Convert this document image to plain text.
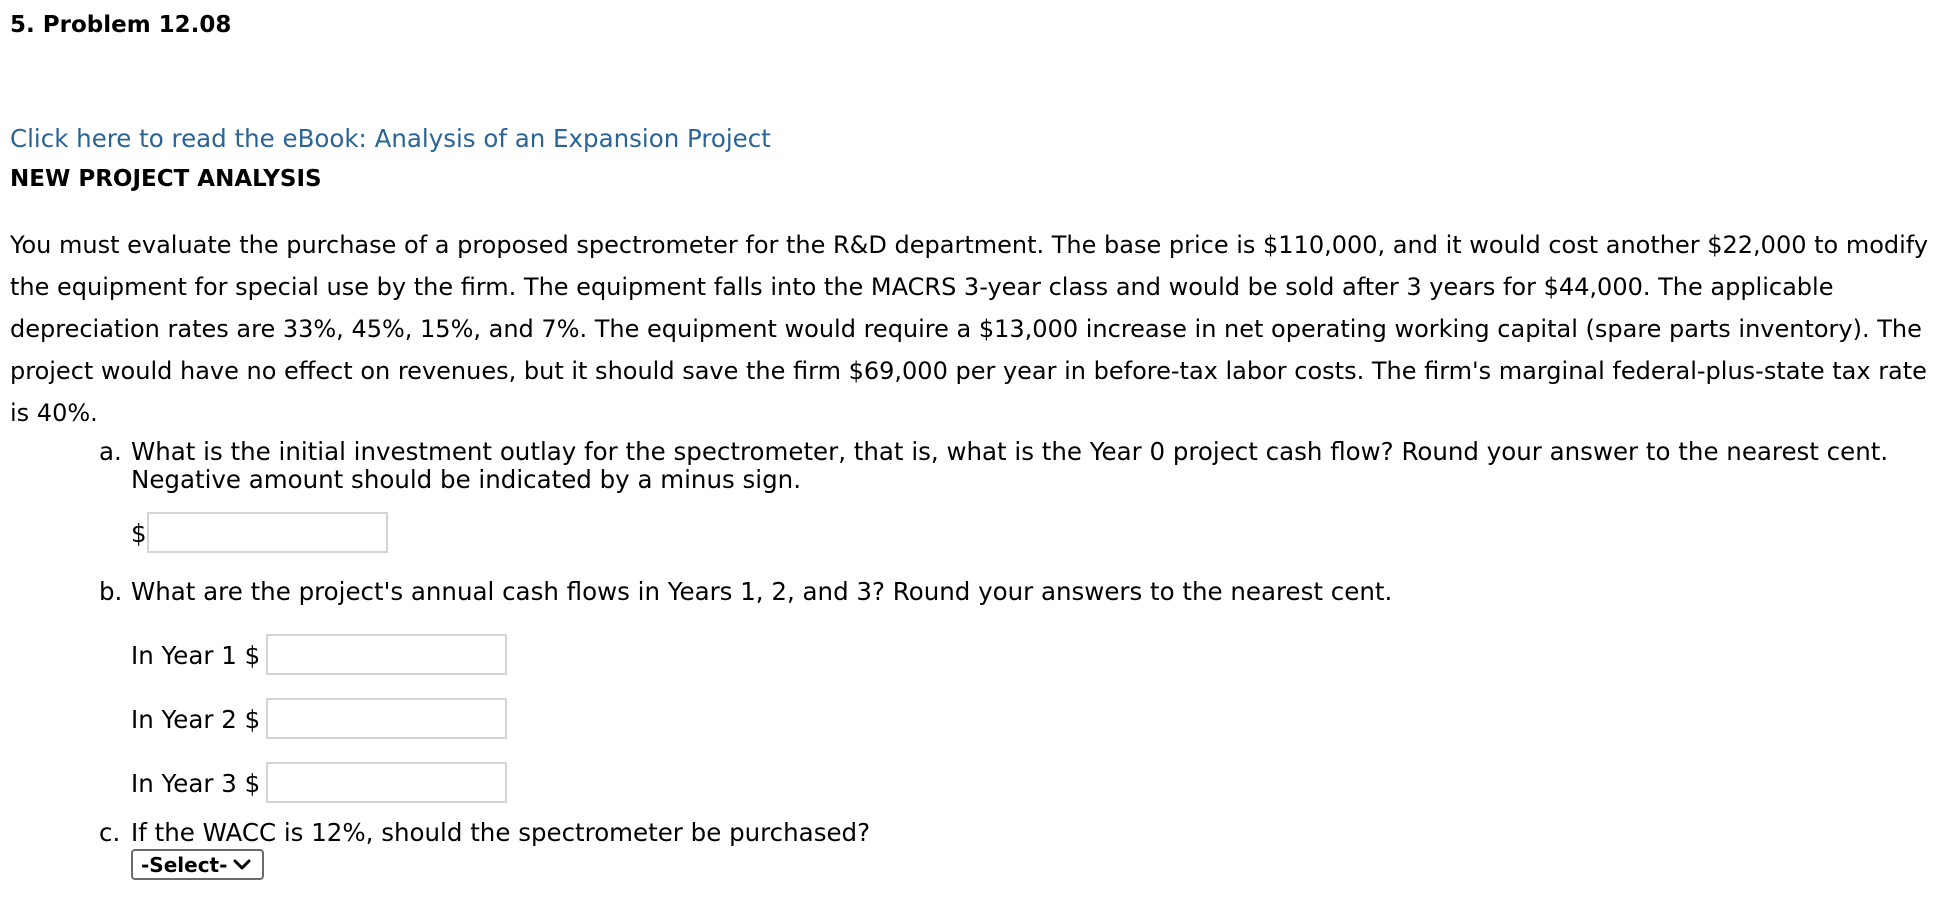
5. Problem 12.08
Click here to read the eBook: Analysis of an Expansion Project
NEW PROJECT ANALYSIS

You must evaluate the purchase of a proposed spectrometer for the R&D department. The base price is $110,000, and it would cost another $22,000 to modify the equipment for special use by the firm. The equipment falls into the MACRS 3-year class and would be sold after 3 years for $44,000. The applicable depreciation rates are 33%, 45%, 15%, and 7%. The equipment would require a $13,000 increase in net operating working capital (spare parts inventory). The project would have no effect on revenues, but it should save the firm $69,000 per year in before-tax labor costs. The firm's marginal federal-plus-state tax rate is 40%.

a. What is the initial investment outlay for the spectrometer, that is, what is the Year 0 project cash flow? Round your answer to the nearest cent.
Negative amount should be indicated by a minus sign.
$
b. What are the project's annual cash flows in Years 1, 2, and 3? Round your answers to the nearest cent.
In Year 1 $
In Year 2 $
In Year 3 $
c. If the WACC is 12%, should the spectrometer be purchased?
-Select-
